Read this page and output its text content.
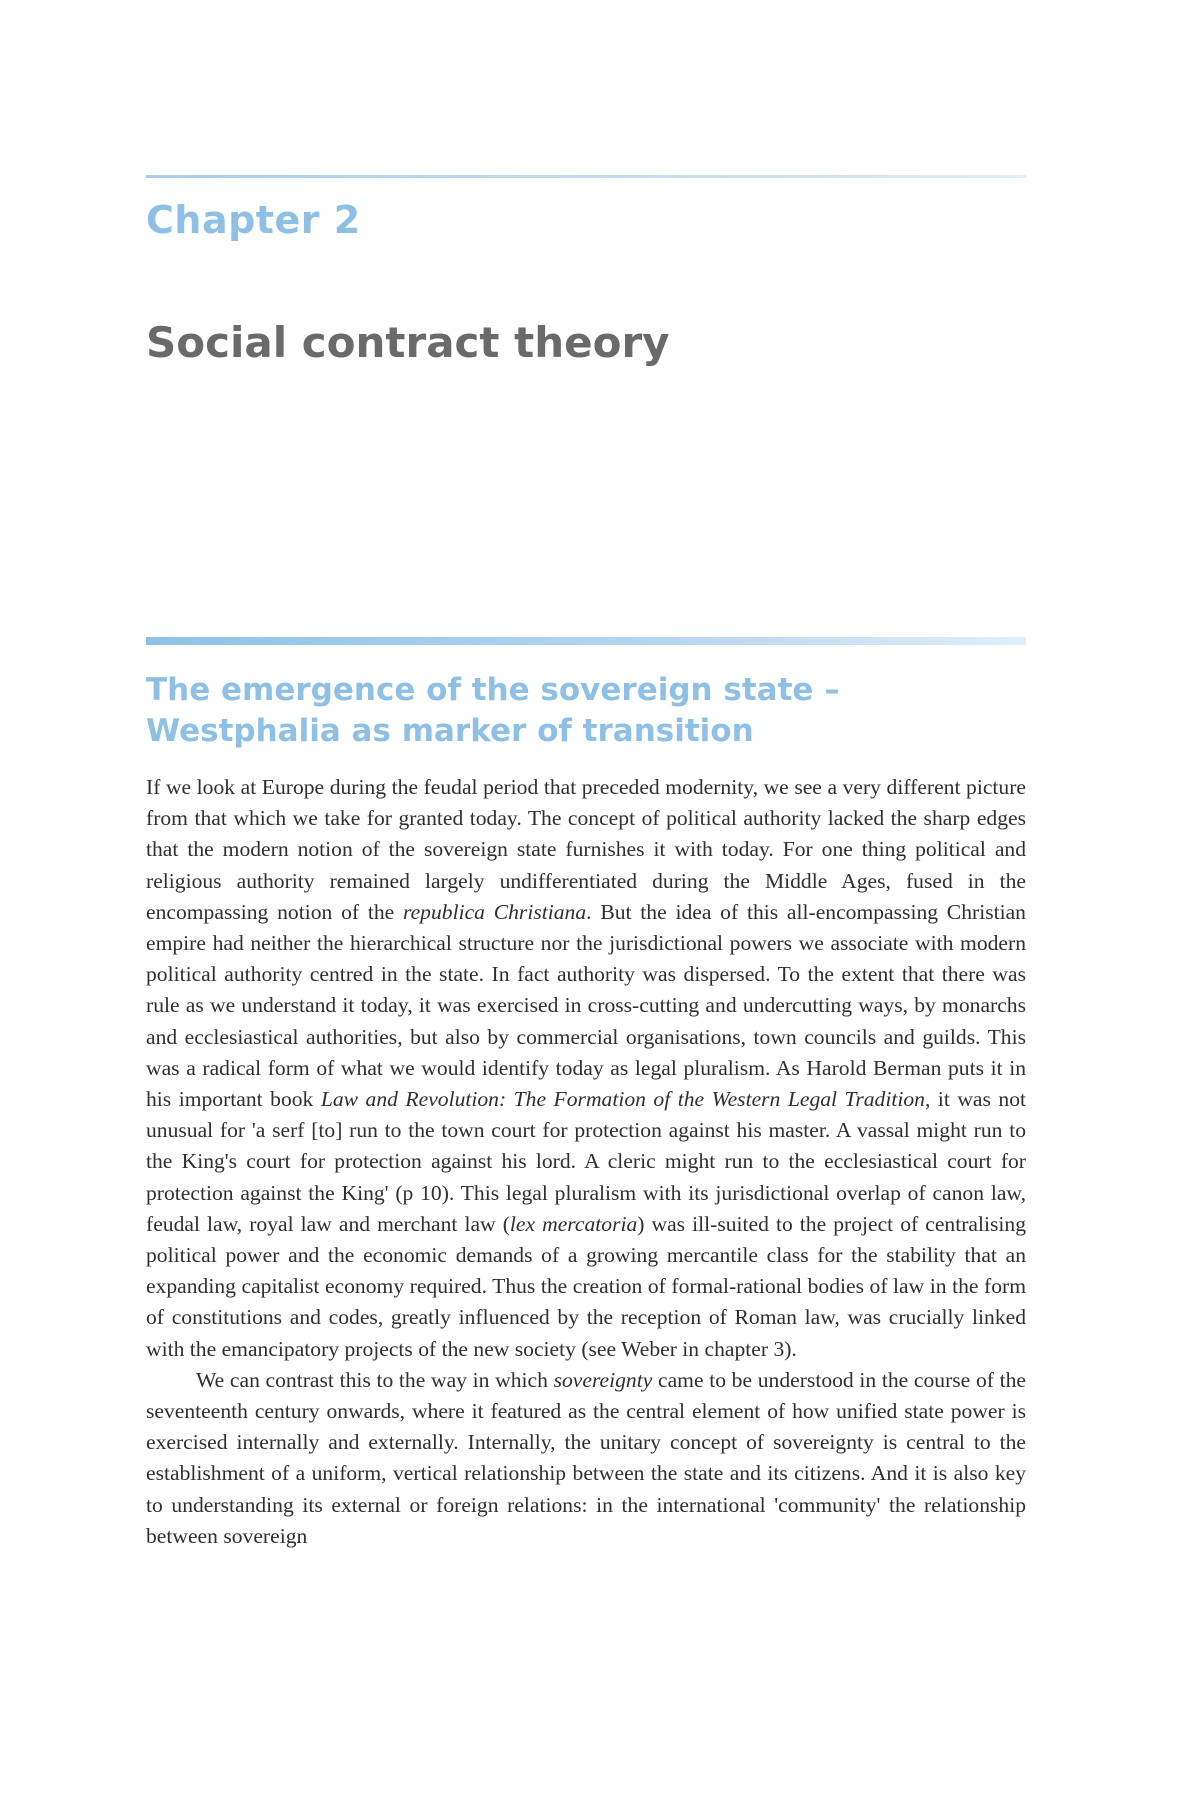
Chapter 2
Social contract theory
The emergence of the sovereign state –
Westphalia as marker of transition

If we look at Europe during the feudal period that preceded modernity, we see a very different picture from that which we take for granted today. The concept of political authority lacked the sharp edges that the modern notion of the sovereign state furnishes it with today. For one thing political and religious authority remained largely undifferentiated during the Middle Ages, fused in the encompassing notion of the republica Christiana. But the idea of this all-encompassing Christian empire had neither the hierarchical structure nor the jurisdictional powers we associate with modern political authority centred in the state. In fact authority was dispersed. To the extent that there was rule as we understand it today, it was exercised in cross-cutting and undercutting ways, by monarchs and ecclesiastical authorities, but also by commercial organisations, town councils and guilds. This was a radical form of what we would identify today as legal pluralism. As Harold Berman puts it in his important book Law and Revolution: The Formation of the Western Legal Tradition, it was not unusual for 'a serf [to] run to the town court for protection against his master. A vassal might run to the King's court for protection against his lord. A cleric might run to the ecclesiastical court for protection against the King' (p 10). This legal pluralism with its jurisdictional overlap of canon law, feudal law, royal law and merchant law (lex mercatoria) was ill-suited to the project of centralising political power and the economic demands of a growing mercantile class for the stability that an expanding capitalist economy required. Thus the creation of formal-rational bodies of law in the form of constitutions and codes, greatly influenced by the reception of Roman law, was crucially linked with the emancipatory projects of the new society (see Weber in chapter 3).

We can contrast this to the way in which sovereignty came to be understood in the course of the seventeenth century onwards, where it featured as the central element of how unified state power is exercised internally and externally. Internally, the unitary concept of sovereignty is central to the establishment of a uniform, vertical relationship between the state and its citizens. And it is also key to understanding its external or foreign relations: in the international 'community' the relationship between sovereign
